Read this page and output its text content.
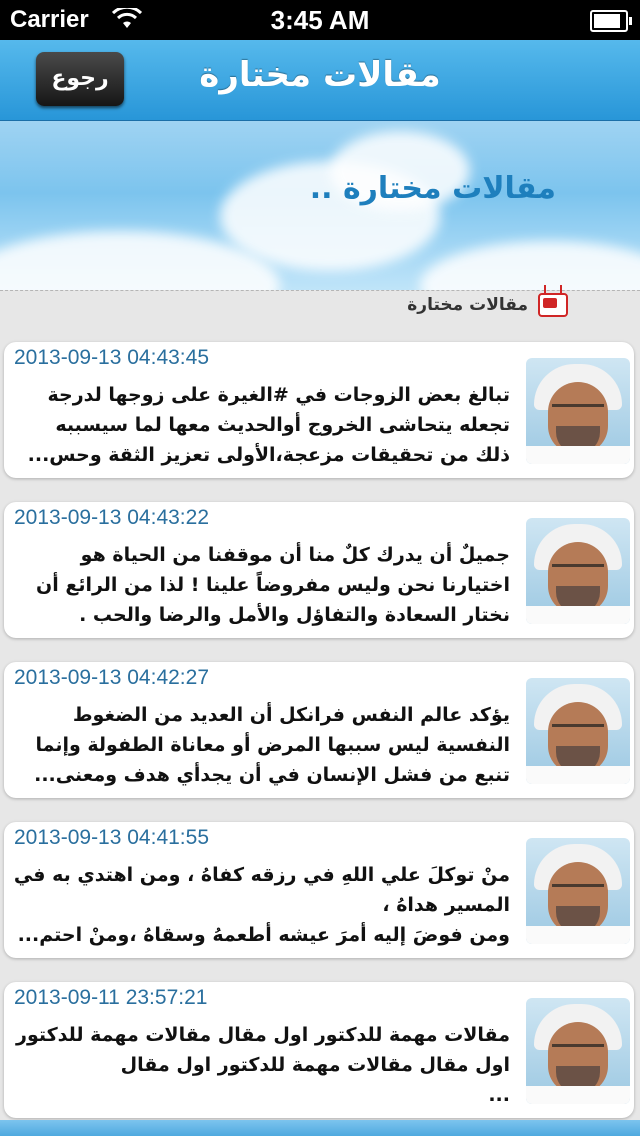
Carrier	3:45 AM
رجوع	مقالات مختارة
مقالات مختارة ..
مقالات مختارة
2013-09-13 04:43:45
تبالغ بعض الزوجات في #الغيرة على زوجها لدرجة
تجعله يتحاشى الخروج أوالحديث معها لما سيسببه
ذلك من تحقيقات مزعجة،الأولى تعزيز الثقة وحس...
2013-09-13 04:43:22
جميلٌ أن يدرك كلٌ منا أن موقفنا من الحياة هو
اختيارنا نحن وليس مفروضاً علينا ! لذا من الرائع أن
نختار السعادة والتفاؤل والأمل والرضا والحب .
2013-09-13 04:42:27
يؤكد عالم النفس فرانكل أن العديد من الضغوط
النفسية ليس سببها المرض أو معاناة الطفولة وإنما
تنبع من فشل الإنسان في أن يجدأي هدف ومعنى...
2013-09-13 04:41:55
منْ توكلَ علي اللهِ في رزقه كفاهُ ، ومن اهتدي به في
المسير هداهُ ،
ومن فوضَ إليه أمرَ عيشه أطعمهُ وسقاهُ ،ومنْ احتم...
2013-09-11 23:57:21
مقالات مهمة للدكتور اول مقال مقالات مهمة للدكتور
اول مقال مقالات مهمة للدكتور اول مقال
...
